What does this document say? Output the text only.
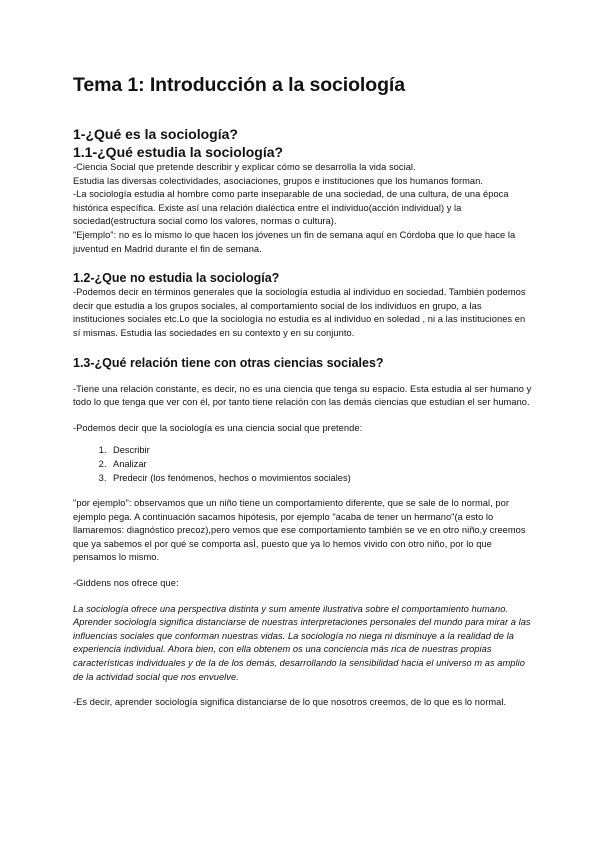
Tema 1: Introducción a la sociología
1-¿Qué es la sociología?
1.1-¿Qué estudia la sociología?

-Ciencia Social que pretende describir y explicar cómo se desarrolla la vida social.

Estudia las diversas colectividades, asociaciones, grupos e instituciones que los humanos forman.

-La sociología estudia al hombre como parte inseparable de una sociedad, de una cultura, de una época histórica específica. Existe así una relación dialéctica entre el individuo(acción individual) y la sociedad(estructura social como los valores, normas o cultura).

"Ejemplo": no es lo mismo lo que hacen los jóvenes un fin de semana aquí en Córdoba que lo que hace la juventud en Madrid durante el fin de semana.

1.2-¿Que no estudia la sociología?

-Podemos decir en términos generales que la sociología estudia al individuo en sociedad. También podemos decir que estudia a los grupos sociales, al comportamiento social de los individuos en grupo, a las instituciones sociales etc.Lo que la sociología no estudia es al individuo en soledad , ni a las instituciones en sí mismas. Estudia las sociedades en su contexto y en su conjunto.

1.3-¿Qué relación tiene con otras ciencias sociales?

-Tiene una relación constante, es decir, no es una ciencia que tenga su espacio. Esta estudia al ser humano y todo lo que tenga que ver con él, por tanto tiene relación con las demás ciencias que estudian el ser humano.

-Podemos decir que la sociología es una ciencia social que pretende:

1. Describir
2. Analizar
3. Predecir (los fenómenos, hechos o movimientos sociales)

"por ejemplo": observamos que un niño tiene un comportamiento diferente, que se sale de lo normal, por ejemplo pega. A continuación sacamos hipótesis, por ejemplo "acaba de tener un hermano"(a esto lo llamaremos: diagnóstico precoz),pero vemos que ese comportamiento también se ve en otro niño,y creemos que ya sabemos el por qué se comporta asÌ, puesto que ya lo hemos vivido con otro niño, por lo que pensamos lo mismo.

-Giddens nos ofrece que:

La sociología ofrece una perspectiva distinta y sum amente ilustrativa sobre el comportamiento humano. Aprender sociología significa distanciarse de nuestras interpretaciones personales del mundo para mirar a las influencias sociales que conforman nuestras vidas. La sociología no niega ni disminuye a la realidad de la experiencia individual. Ahora bien, con ella obtenem os una conciencia más rica de nuestras propias características individuales y de la de los demás, desarrollando la sensibilidad hacia el universo m as amplio de la actividad social que nos envuelve.

-Es decir, aprender sociología significa distanciarse de lo que nosotros creemos, de lo que es lo normal.
